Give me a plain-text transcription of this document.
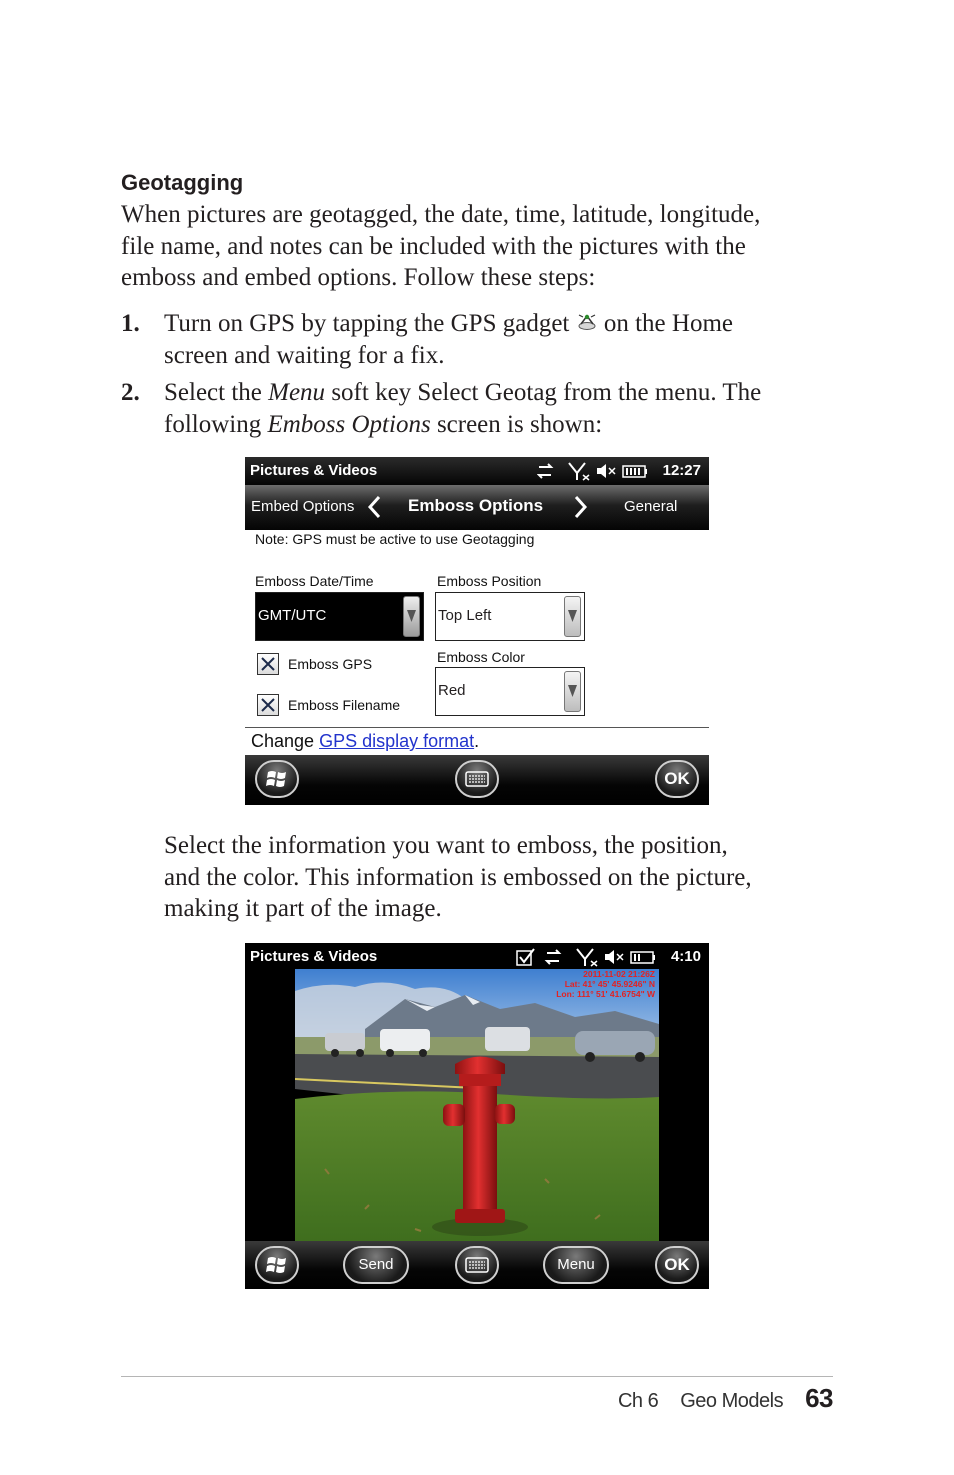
Geotagging
When pictures are geotagged, the date, time, latitude, longitude,
file name, and notes can be included with the pictures with the
emboss and embed options. Follow these steps:
1. Turn on GPS by tapping the GPS gadget on the Home
screen and waiting for a fix.
2. Select the Menu soft key Select Geotag from the menu. The
following Emboss Options screen is shown:
Pictures & Videos	12:27
Embed Options	Emboss Options	General
Note: GPS must be active to use Geotagging
Emboss Date/Time
GMT/UTC
Emboss Position
Top Left
Emboss GPS	Emboss Color
Red
Emboss Filename
Change GPS display format.
OK
Select the information you want to emboss, the position,
and the color. This information is embossed on the picture,
making it part of the image.
Pictures & Videos	4:10
2011-11-02 21:26Z
Lat: 41° 45' 45.9246" N
Lon: 111° 51' 41.6754" W
Send	Menu	OK
Ch 6 Geo Models 63
